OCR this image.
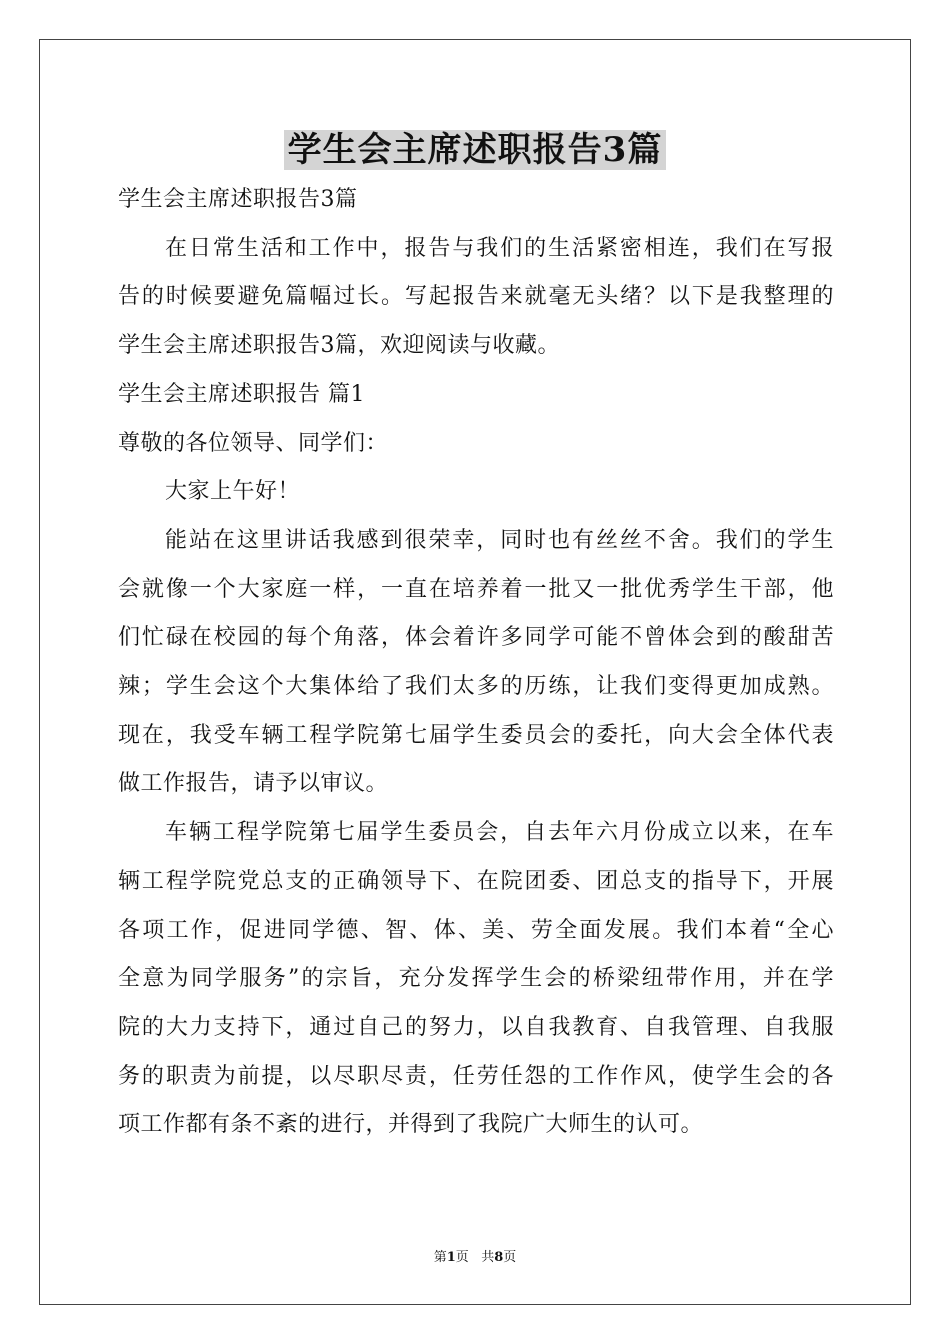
学生会主席述职报告3篇
学生会主席述职报告3篇
在日常生活和工作中，报告与我们的生活紧密相连，我们在写报
告的时候要避免篇幅过长。写起报告来就毫无头绪？以下是我整理的
学生会主席述职报告3篇，欢迎阅读与收藏。
学生会主席述职报告 篇1
尊敬的各位领导、同学们：
大家上午好！
能站在这里讲话我感到很荣幸，同时也有丝丝不舍。我们的学生
会就像一个大家庭一样，一直在培养着一批又一批优秀学生干部，他
们忙碌在校园的每个角落，体会着许多同学可能不曾体会到的酸甜苦
辣；学生会这个大集体给了我们太多的历练，让我们变得更加成熟。
现在，我受车辆工程学院第七届学生委员会的委托，向大会全体代表
做工作报告，请予以审议。
车辆工程学院第七届学生委员会，自去年六月份成立以来，在车
辆工程学院党总支的正确领导下、在院团委、团总支的指导下，开展
各项工作，促进同学德、智、体、美、劳全面发展。我们本着“全心
全意为同学服务”的宗旨，充分发挥学生会的桥梁纽带作用，并在学
院的大力支持下，通过自己的努力，以自我教育、自我管理、自我服
务的职责为前提，以尽职尽责，任劳任怨的工作作风，使学生会的各
项工作都有条不紊的进行，并得到了我院广大师生的认可。
第1页 共8页
